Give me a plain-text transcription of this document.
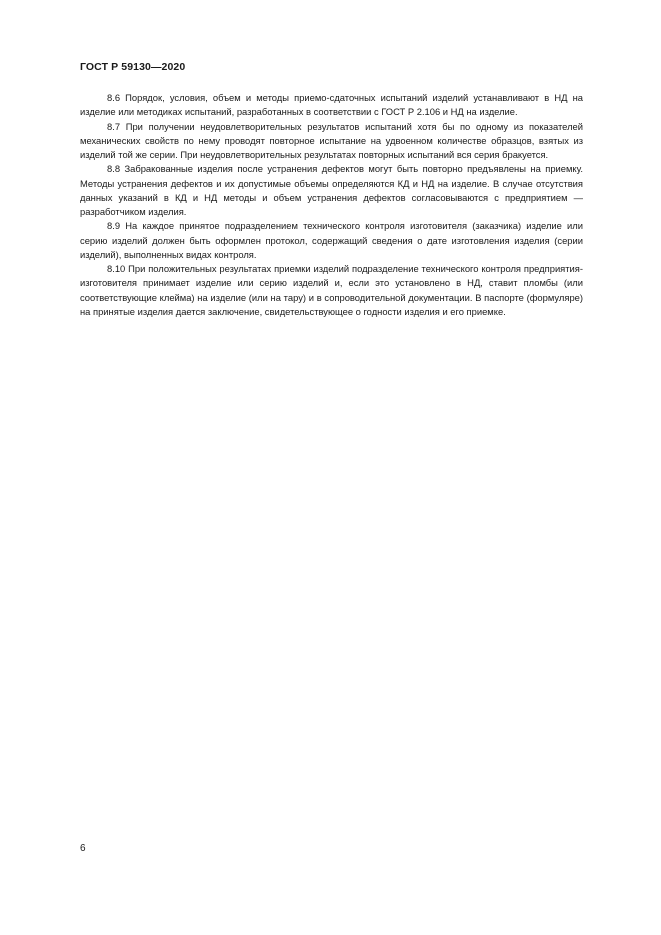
ГОСТ Р 59130—2020

8.6 Порядок, условия, объем и методы приемо-сдаточных испытаний изделий устанавливают в НД на изделие или методиках испытаний, разработанных в соответствии с ГОСТ Р 2.106 и НД на изделие.

8.7 При получении неудовлетворительных результатов испытаний хотя бы по одному из показателей механических свойств по нему проводят повторное испытание на удвоенном количестве образцов, взятых из изделий той же серии. При неудовлетворительных результатах повторных испытаний вся серия бракуется.

8.8 Забракованные изделия после устранения дефектов могут быть повторно предъявлены на приемку. Методы устранения дефектов и их допустимые объемы определяются КД и НД на изделие. В случае отсутствия данных указаний в КД и НД методы и объем устранения дефектов согласовываются с предприятием — разработчиком изделия.

8.9 На каждое принятое подразделением технического контроля изготовителя (заказчика) изделие или серию изделий должен быть оформлен протокол, содержащий сведения о дате изготовления изделия (серии изделий), выполненных видах контроля.

8.10 При положительных результатах приемки изделий подразделение технического контроля предприятия-изготовителя принимает изделие или серию изделий и, если это установлено в НД, ставит пломбы (или соответствующие клейма) на изделие (или на тару) и в сопроводительной документации. В паспорте (формуляре) на принятые изделия дается заключение, свидетельствующее о годности изделия и его приемке.

6
